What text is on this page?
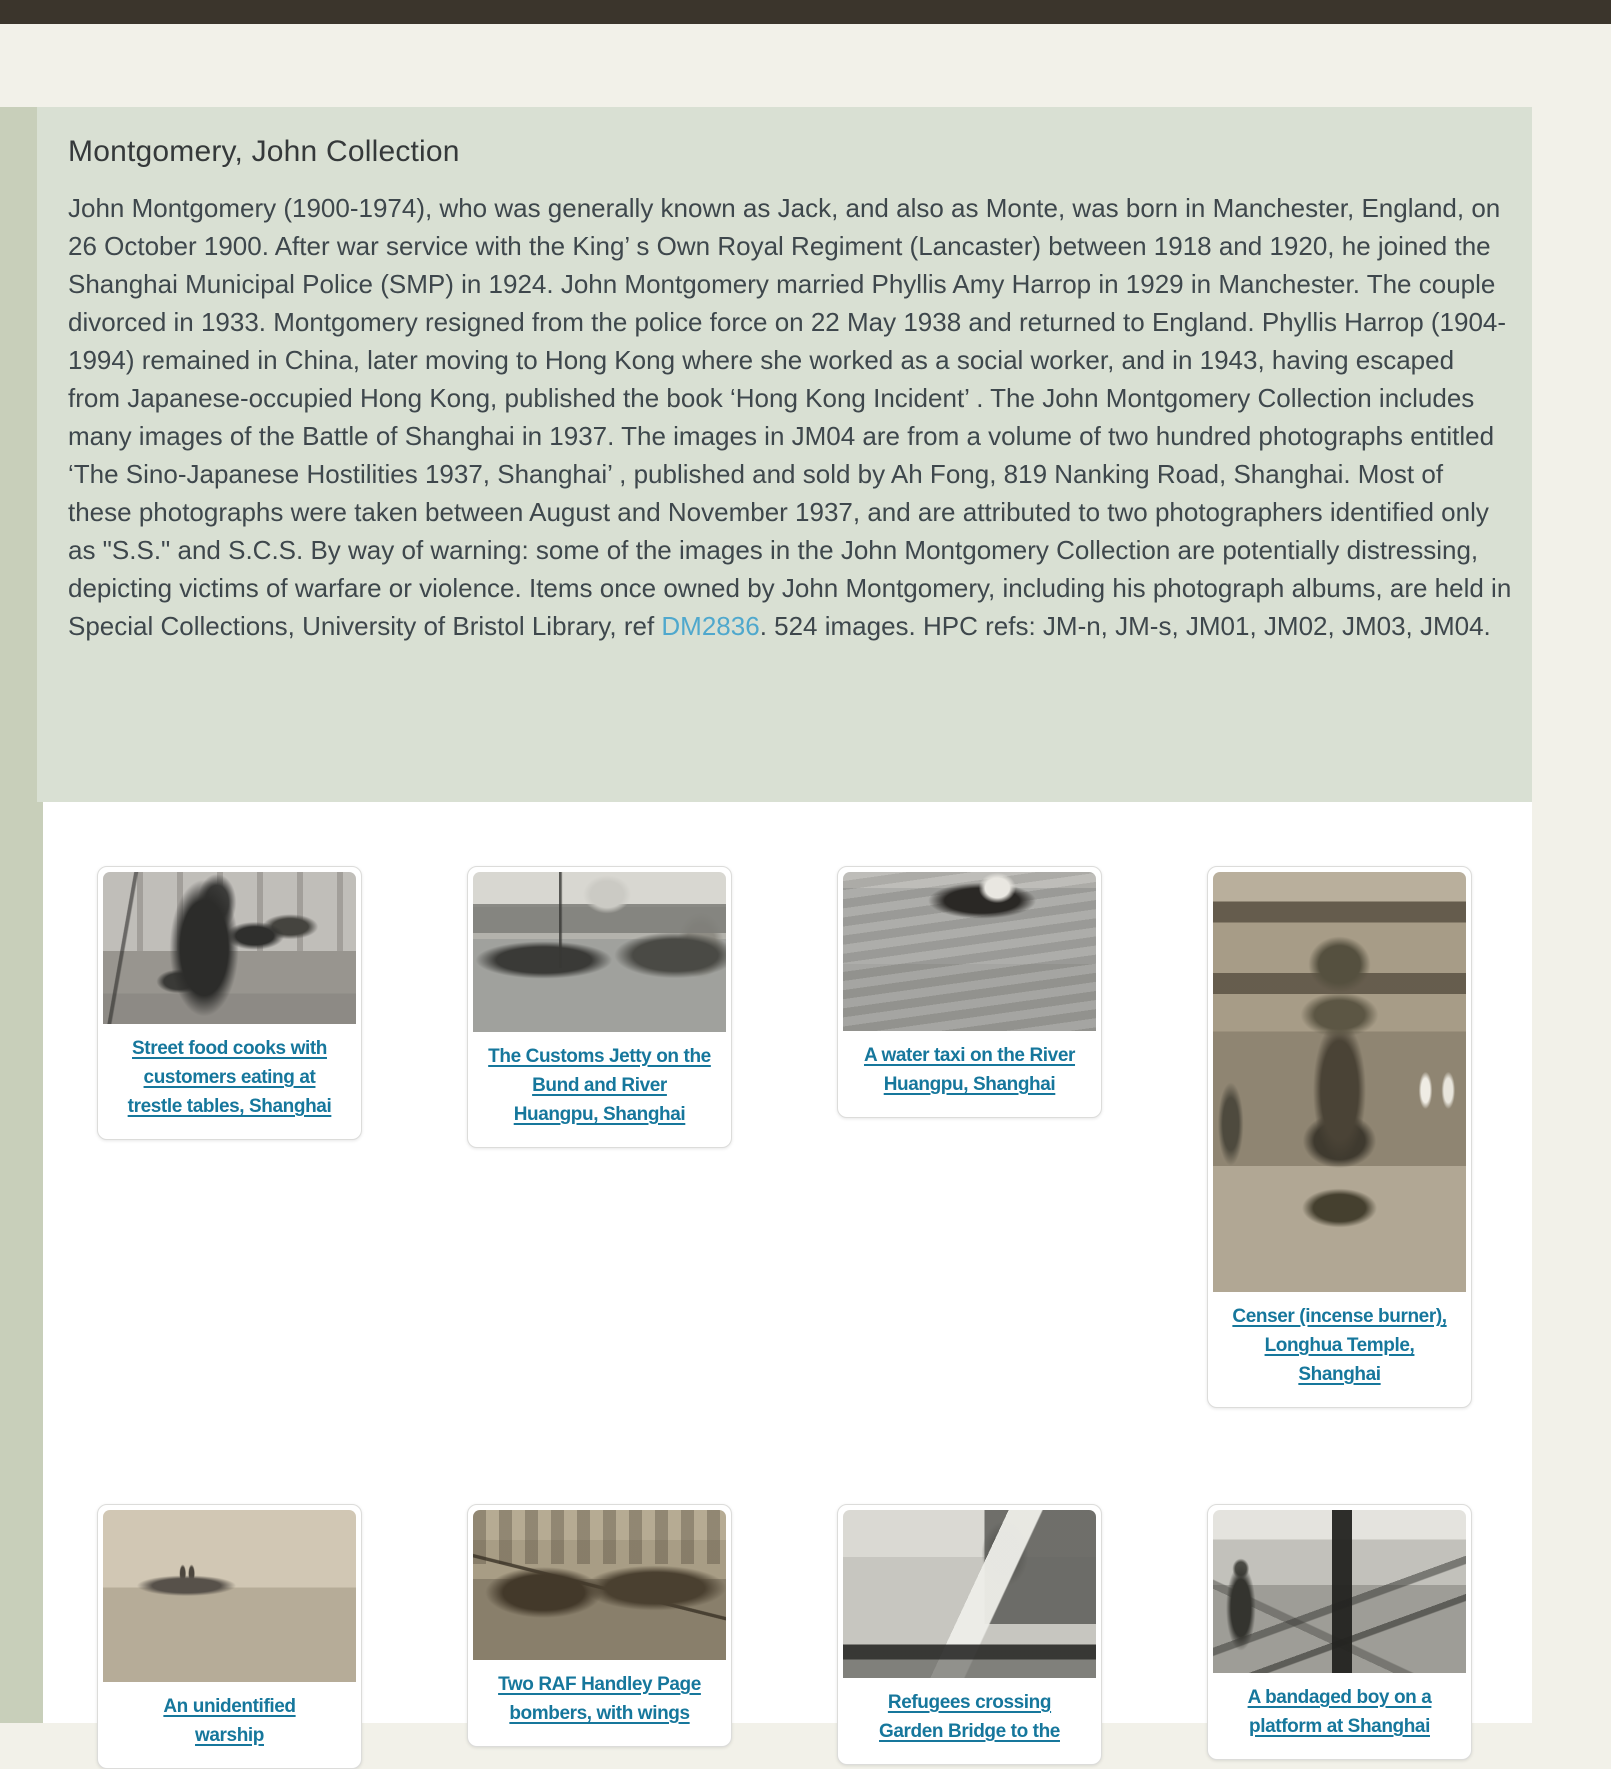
Montgomery, John Collection

John Montgomery (1900-1974), who was generally known as Jack, and also as Monte, was born in Manchester, England, on 26 October 1900. After war service with the King’ s Own Royal Regiment (Lancaster) between 1918 and 1920, he joined the Shanghai Municipal Police (SMP) in 1924. John Montgomery married Phyllis Amy Harrop in 1929 in Manchester. The couple divorced in 1933. Montgomery resigned from the police force on 22 May 1938 and returned to England. Phyllis Harrop (1904-1994) remained in China, later moving to Hong Kong where she worked as a social worker, and in 1943, having escaped from Japanese-occupied Hong Kong, published the book ‘Hong Kong Incident’ . The John Montgomery Collection includes many images of the Battle of Shanghai in 1937. The images in JM04 are from a volume of two hundred photographs entitled ‘The Sino-Japanese Hostilities 1937, Shanghai’ , published and sold by Ah Fong, 819 Nanking Road, Shanghai. Most of these photographs were taken between August and November 1937, and are attributed to two photographers identified only as "S.S." and S.C.S. By way of warning: some of the images in the John Montgomery Collection are potentially distressing, depicting victims of warfare or violence. Items once owned by John Montgomery, including his photograph albums, are held in Special Collections, University of Bristol Library, ref DM2836. 524 images. HPC refs: JM-n, JM-s, JM01, JM02, JM03, JM04.

Street food cooks with
customers eating at
trestle tables, Shanghai
The Customs Jetty on the
Bund and River
Huangpu, Shanghai
A water taxi on the River
Huangpu, Shanghai
Censer (incense burner),
Longhua Temple,
Shanghai
An unidentified
warship
Two RAF Handley Page
bombers, with wings
Refugees crossing
Garden Bridge to the
A bandaged boy on a
platform at Shanghai
